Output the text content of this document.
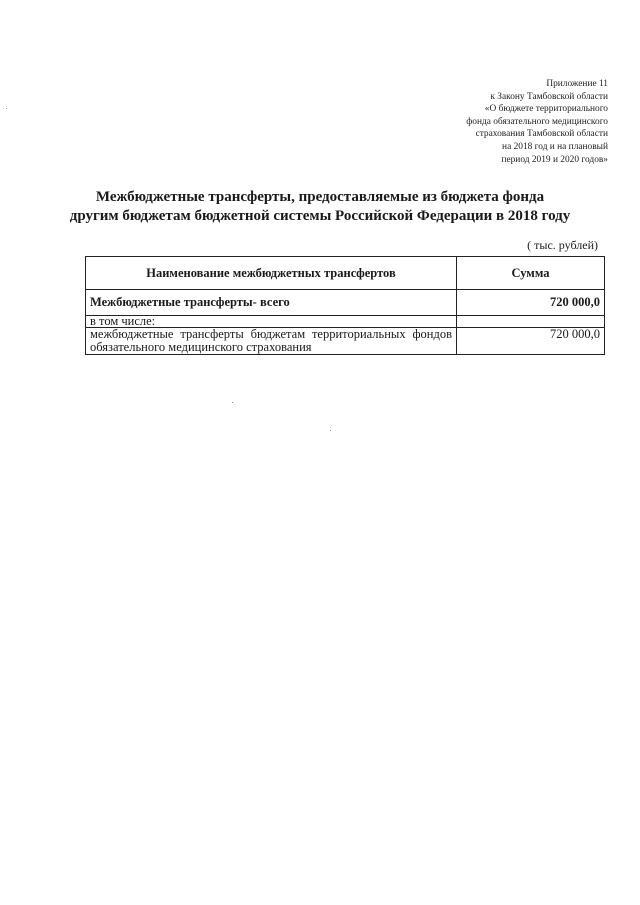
Приложение 11
к Закону Тамбовской области
«О бюджете территориального
фонда обязательного медицинского
страхования Тамбовской области
на 2018 год и на плановый
период 2019 и 2020 годов»
Межбюджетные трансферты, предоставляемые из бюджета фонда
другим бюджетам бюджетной системы Российской Федерации в 2018 году
( тыс. рублей)
Наименование межбюджетных трансфертов	Сумма
Межбюджетные трансферты- всего	720 000,0
в том числе:	
межбюджетные трансферты бюджетам территориальных фондов обязательного медицинского страхования	720 000,0
